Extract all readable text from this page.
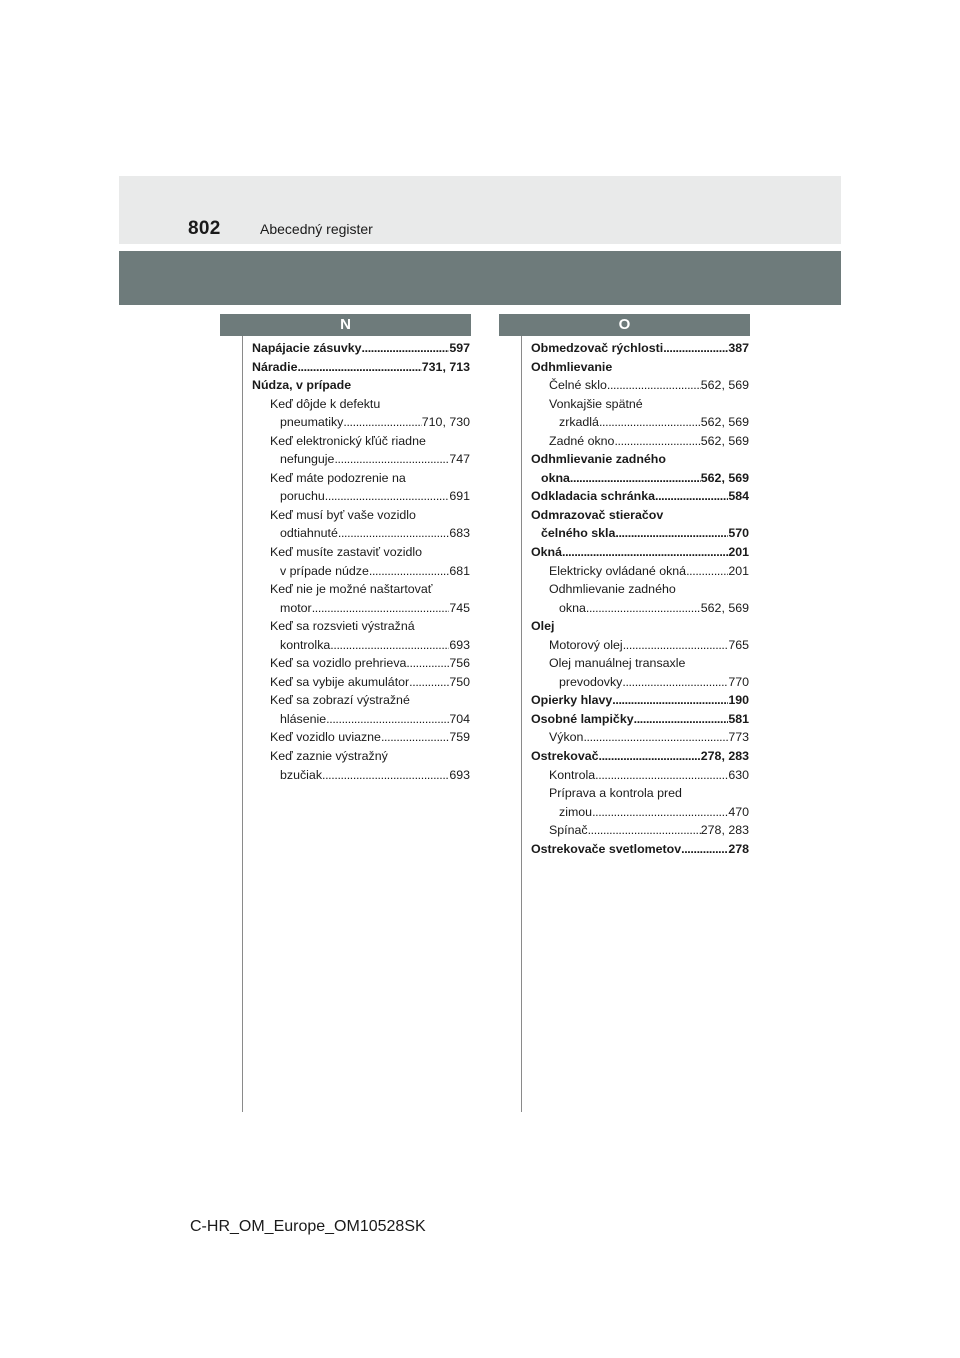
802	Abecedný register
N	O
Napájacie zásuvky . . .	597
Náradie . . .	731, 713
Núdza, v prípade
Keď dôjde k defektu
pneumatiky . . .	710, 730
Keď elektronický kľúč riadne
nefunguje . . .	747
Keď máte podozrenie na
poruchu . . .	691
Keď musí byť vaše vozidlo
odtiahnuté . . .	683
Keď musíte zastaviť vozidlo
v prípade núdze . . .	681
Keď nie je možné naštartovať
motor . . .	745
Keď sa rozsvieti výstražná
kontrolka . . .	693
Keď sa vozidlo prehrieva . . .	756
Keď sa vybije akumulátor . . .	750
Keď sa zobrazí výstražné
hlásenie . . .	704
Keď vozidlo uviazne . . .	759
Keď zaznie výstražný
bzučiak . . .	693
Obmedzovač rýchlosti . . .	387
Odhmlievanie
Čelné sklo . . .	562, 569
Vonkajšie spätné
zrkadlá . . .	562, 569
Zadné okno . . .	562, 569
Odhmlievanie zadného
okna . . .	562, 569
Odkladacia schránka . . .	584
Odmrazovač stieračov
čelného skla . . .	570
Okná . . .	201
Elektricky ovládané okná . . .	201
Odhmlievanie zadného
okna . . .	562, 569
Olej
Motorový olej . . .	765
Olej manuálnej transaxle
prevodovky . . .	770
Opierky hlavy . . .	190
Osobné lampičky . . .	581
Výkon . . .	773
Ostrekovač . . .	278, 283
Kontrola . . .	630
Príprava a kontrola pred
zimou . . .	470
Spínač . . .	278, 283
Ostrekovače svetlometov . . .	278
C-HR_OM_Europe_OM10528SK
